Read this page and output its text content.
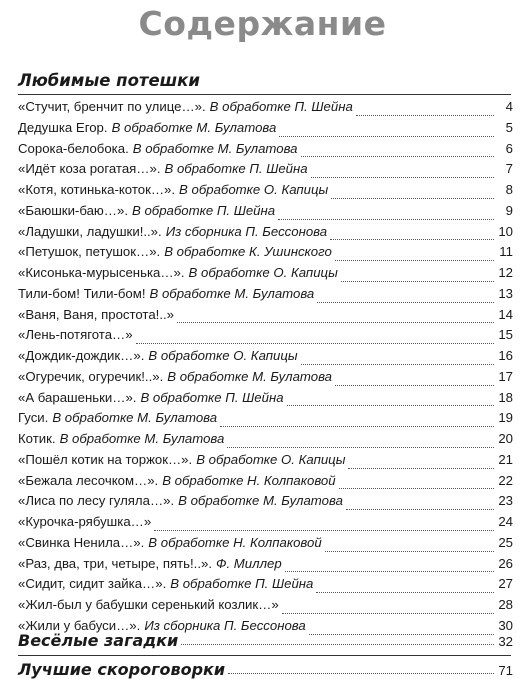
Содержание
Любимые потешки
«Стучит, бренчит по улице…». В обработке П. Шейна	4
Дедушка Егор. В обработке М. Булатова	5
Сорока-белобока. В обработке М. Булатова	6
«Идёт коза рогатая…». В обработке П. Шейна	7
«Котя, котинька-коток…». В обработке О. Капицы	8
«Баюшки-баю…». В обработке П. Шейна	9
«Ладушки, ладушки!..». Из сборника П. Бессонова	10
«Петушок, петушок…». В обработке К. Ушинского	11
«Кисонька-мурысенька…». В обработке О. Капицы	12
Тили-бом! Тили-бом! В обработке М. Булатова	13
«Ваня, Ваня, простота!..»	14
«Лень-потягота…»	15
«Дождик-дождик…». В обработке О. Капицы	16
«Огуречик, огуречик!..». В обработке М. Булатова	17
«А барашеньки…». В обработке П. Шейна	18
Гуси. В обработке М. Булатова	19
Котик. В обработке М. Булатова	20
«Пошёл котик на торжок…». В обработке О. Капицы	21
«Бежала лесочком…». В обработке Н. Колпаковой	22
«Лиса по лесу гуляла…». В обработке М. Булатова	23
«Курочка-рябушка…»	24
«Свинка Ненила…». В обработке Н. Колпаковой	25
«Раз, два, три, четыре, пять!..». Ф. Миллер	26
«Сидит, сидит зайка…». В обработке П. Шейна	27
«Жил-был у бабушки серенький козлик…»	28
«Жили у бабуси…». Из сборника П. Бессонова	30
Весёлые загадки	32
Лучшие скороговорки	71
